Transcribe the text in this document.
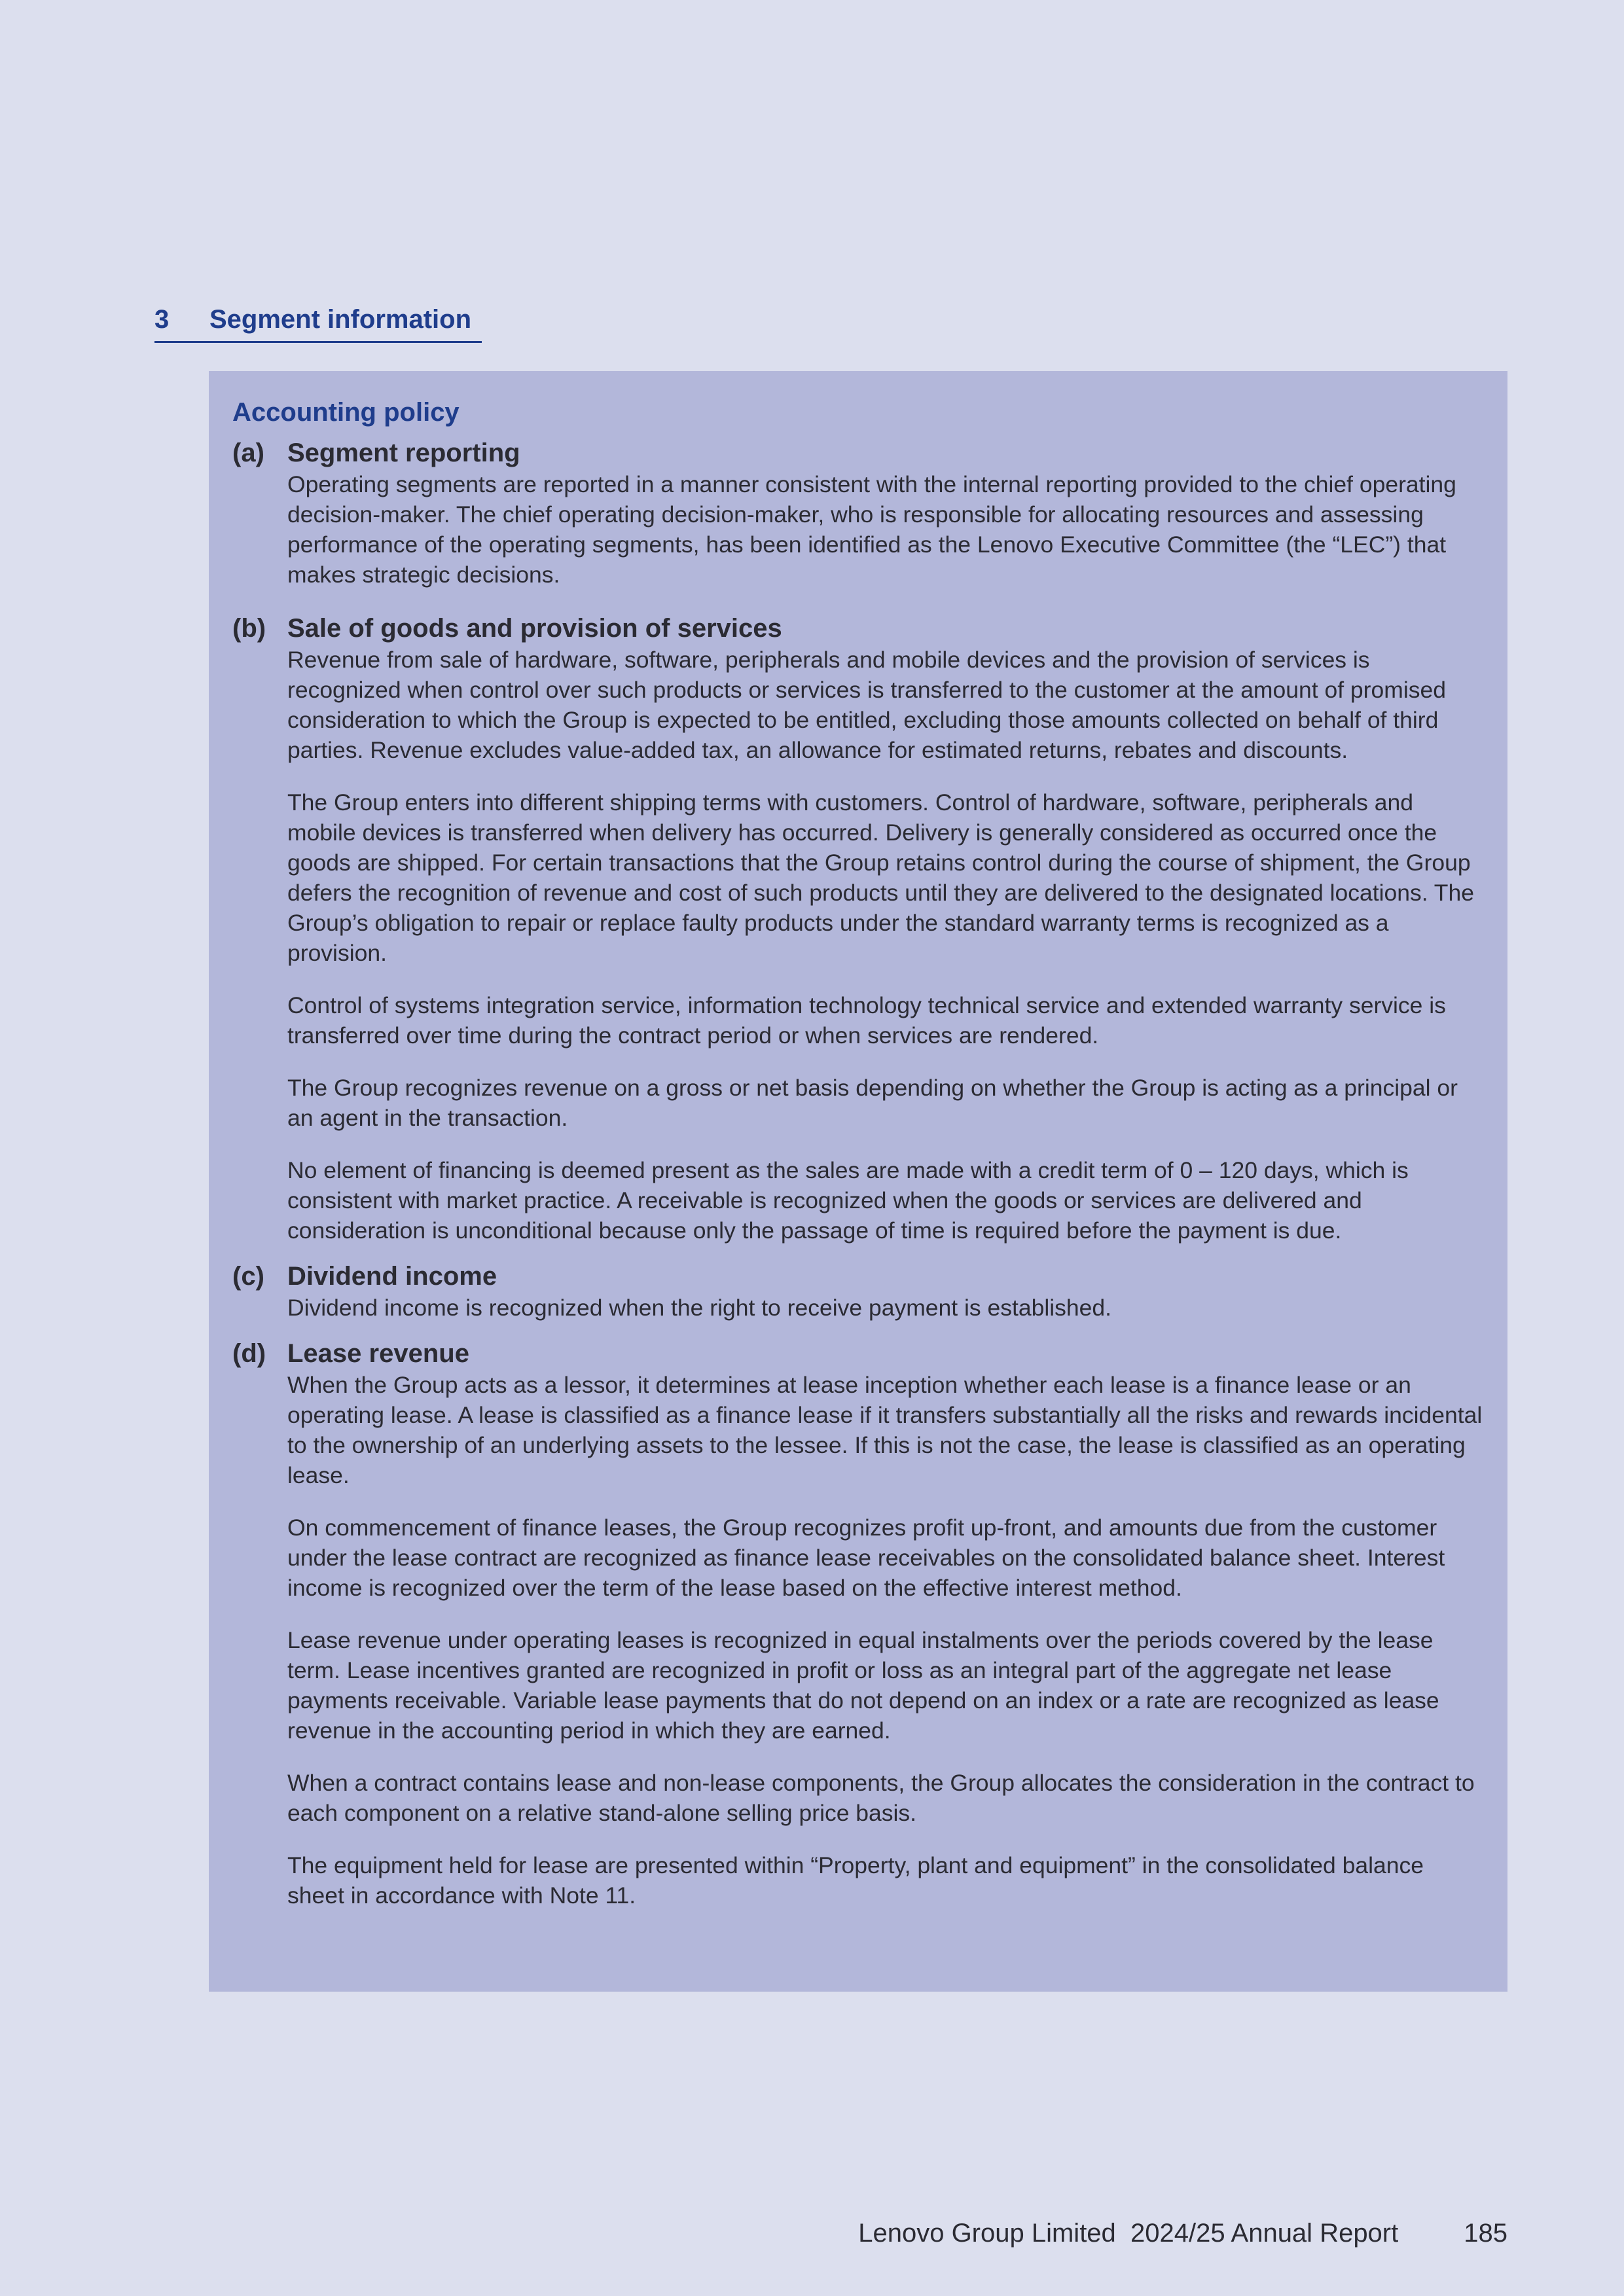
3	Segment information
Accounting policy
(a) Segment reporting

Operating segments are reported in a manner consistent with the internal reporting provided to the chief operating decision-maker. The chief operating decision-maker, who is responsible for allocating resources and assessing performance of the operating segments, has been identified as the Lenovo Executive Committee (the “LEC”) that makes strategic decisions.

(b) Sale of goods and provision of services

Revenue from sale of hardware, software, peripherals and mobile devices and the provision of services is recognized when control over such products or services is transferred to the customer at the amount of promised consideration to which the Group is expected to be entitled, excluding those amounts collected on behalf of third parties. Revenue excludes value-added tax, an allowance for estimated returns, rebates and discounts.

The Group enters into different shipping terms with customers. Control of hardware, software, peripherals and mobile devices is transferred when delivery has occurred. Delivery is generally considered as occurred once the goods are shipped. For certain transactions that the Group retains control during the course of shipment, the Group defers the recognition of revenue and cost of such products until they are delivered to the designated locations. The Group’s obligation to repair or replace faulty products under the standard warranty terms is recognized as a provision.

Control of systems integration service, information technology technical service and extended warranty service is transferred over time during the contract period or when services are rendered.

The Group recognizes revenue on a gross or net basis depending on whether the Group is acting as a principal or an agent in the transaction.

No element of financing is deemed present as the sales are made with a credit term of 0 – 120 days, which is consistent with market practice. A receivable is recognized when the goods or services are delivered and consideration is unconditional because only the passage of time is required before the payment is due.

(c) Dividend income

Dividend income is recognized when the right to receive payment is established.

(d) Lease revenue

When the Group acts as a lessor, it determines at lease inception whether each lease is a finance lease or an operating lease. A lease is classified as a finance lease if it transfers substantially all the risks and rewards incidental to the ownership of an underlying assets to the lessee. If this is not the case, the lease is classified as an operating lease.

On commencement of finance leases, the Group recognizes profit up-front, and amounts due from the customer under the lease contract are recognized as finance lease receivables on the consolidated balance sheet. Interest income is recognized over the term of the lease based on the effective interest method.

Lease revenue under operating leases is recognized in equal instalments over the periods covered by the lease term. Lease incentives granted are recognized in profit or loss as an integral part of the aggregate net lease payments receivable. Variable lease payments that do not depend on an index or a rate are recognized as lease revenue in the accounting period in which they are earned.

When a contract contains lease and non-lease components, the Group allocates the consideration in the contract to each component on a relative stand-alone selling price basis.

The equipment held for lease are presented within “Property, plant and equipment” in the consolidated balance sheet in accordance with Note 11.

Lenovo Group Limited  2024/25 Annual Report	185
